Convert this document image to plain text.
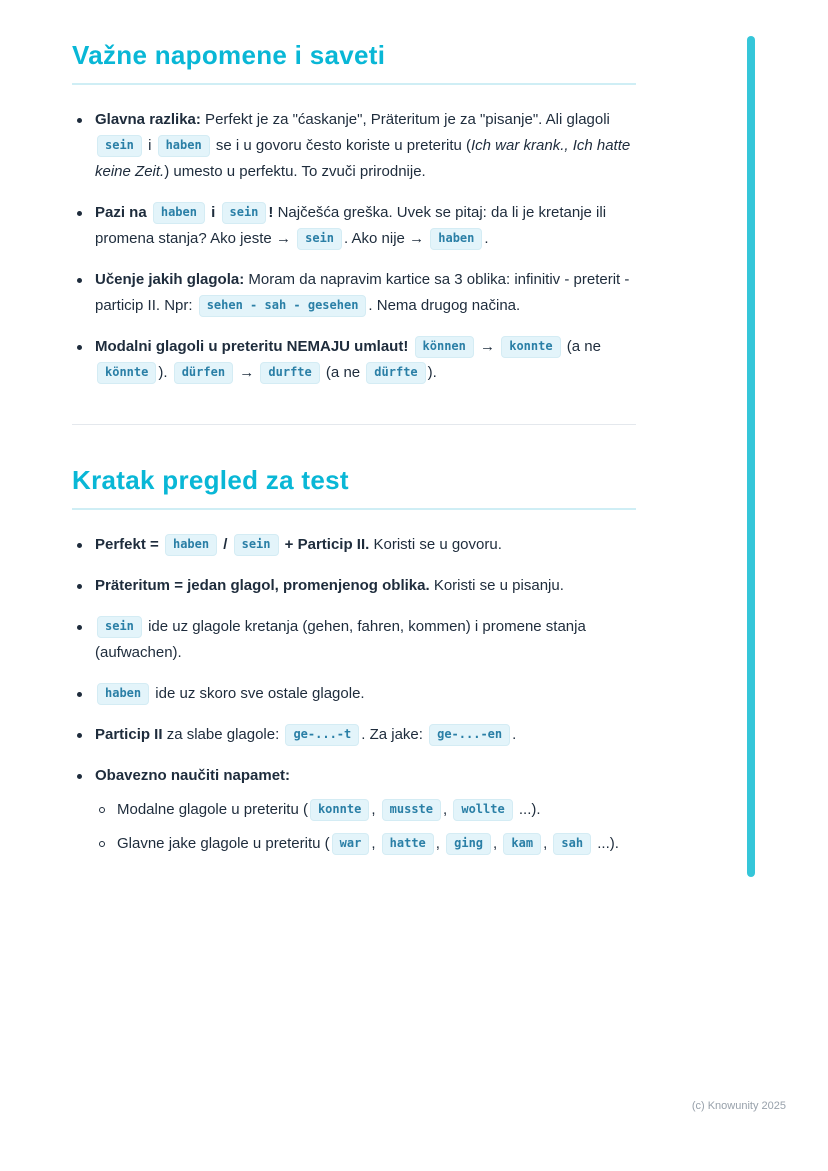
Važne napomene i saveti
Glavna razlika: Perfekt je za "ćaskanje", Präteritum je za "pisanje". Ali glagoli sein i haben se i u govoru često koriste u preteritu (Ich war krank., Ich hatte keine Zeit.) umesto u perfektu. To zvuči prirodnije.
Pazi na haben i sein ! Najčešća greška. Uvek se pitaj: da li je kretanje ili promena stanja? Ako jeste → sein . Ako nije → haben .
Učenje jakih glagola: Moram da napravim kartice sa 3 oblika: infinitiv - preterit - particip II. Npr: sehen - sah - gesehen . Nema drugog načina.
Modalni glagoli u preteritu NEMAJU umlaut! können → konnte (a ne könnte ). dürfen → durfte (a ne dürfte ).
Kratak pregled za test
Perfekt = haben / sein + Particip II. Koristi se u govoru.
Präteritum = jedan glagol, promenjenog oblika. Koristi se u pisanju.
sein ide uz glagole kretanja (gehen, fahren, kommen) i promene stanja (aufwachen).
haben ide uz skoro sve ostale glagole.
Particip II za slabe glagole: ge-...-t . Za jake: ge-...-en .
Obavezno naučiti napamet:
Modalne glagole u preteritu ( konnte , musste , wollte ...).
Glavne jake glagole u preteritu ( war , hatte , ging , kam , sah ...).
(c) Knowunity 2025
